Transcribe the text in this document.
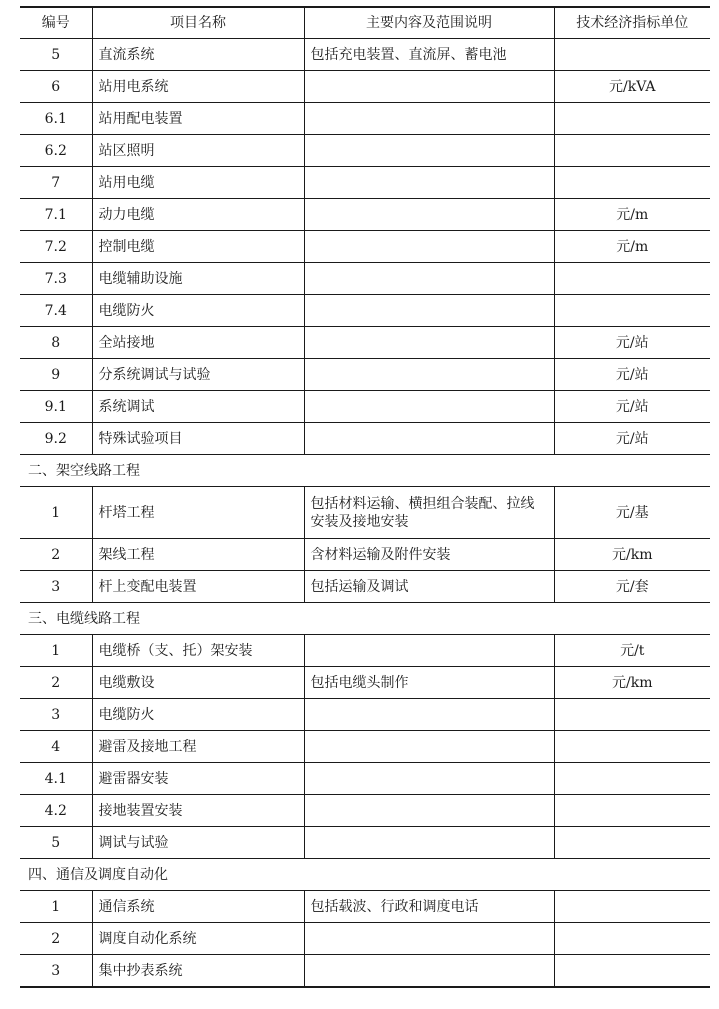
编号	项目名称	主要内容及范围说明	技术经济指标单位
5	直流系统	包括充电装置、直流屏、蓄电池	
6	站用电系统		元/kVA
6.1	站用配电装置		
6.2	站区照明		
7	站用电缆		
7.1	动力电缆		元/m
7.2	控制电缆		元/m
7.3	电缆辅助设施		
7.4	电缆防火		
8	全站接地		元/站
9	分系统调试与试验		元/站
9.1	系统调试		元/站
9.2	特殊试验项目		元/站
二、架空线路工程			
1	杆塔工程	包括材料运输、横担组合装配、拉线安装及接地安装	元/基
2	架线工程	含材料运输及附件安装	元/km
3	杆上变配电装置	包括运输及调试	元/套
三、电缆线路工程			
1	电缆桥（支、托）架安装		元/t
2	电缆敷设	包括电缆头制作	元/km
3	电缆防火		
4	避雷及接地工程		
4.1	避雷器安装		
4.2	接地装置安装		
5	调试与试验		
四、通信及调度自动化			
1	通信系统	包括载波、行政和调度电话	
2	调度自动化系统		
3	集中抄表系统		
